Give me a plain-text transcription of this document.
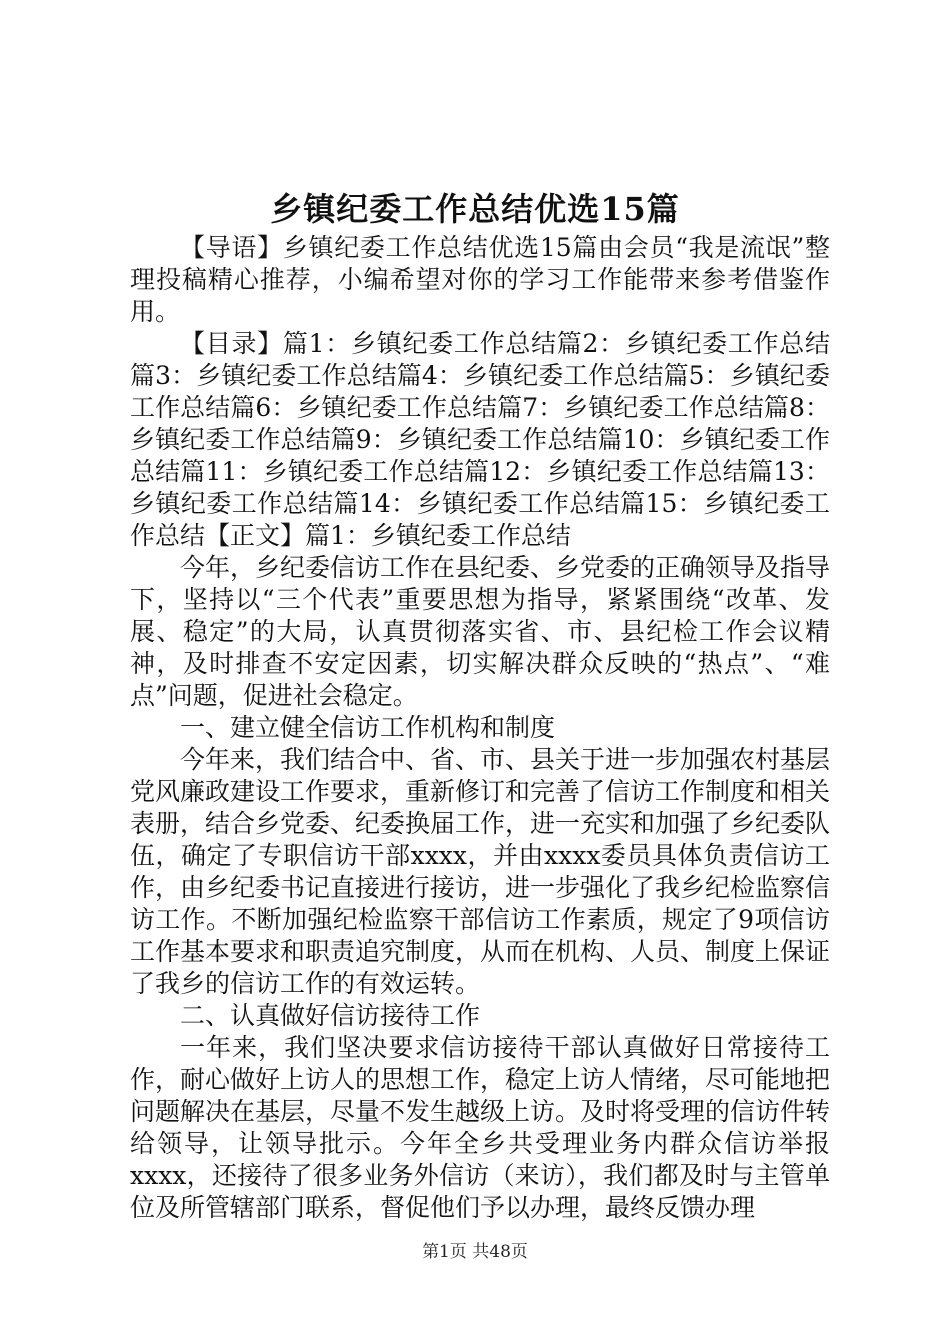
乡镇纪委工作总结优选15篇

【导语】乡镇纪委工作总结优选15篇由会员“我是流氓”整理投稿精心推荐，小编希望对你的学习工作能带来参考借鉴作用。

【目录】篇1：乡镇纪委工作总结篇2：乡镇纪委工作总结篇3：乡镇纪委工作总结篇4：乡镇纪委工作总结篇5：乡镇纪委工作总结篇6：乡镇纪委工作总结篇7：乡镇纪委工作总结篇8：乡镇纪委工作总结篇9：乡镇纪委工作总结篇10：乡镇纪委工作总结篇11：乡镇纪委工作总结篇12：乡镇纪委工作总结篇13：乡镇纪委工作总结篇14：乡镇纪委工作总结篇15：乡镇纪委工作总结【正文】篇1：乡镇纪委工作总结

今年，乡纪委信访工作在县纪委、乡党委的正确领导及指导下，坚持以“三个代表”重要思想为指导，紧紧围绕“改革、发展、稳定”的大局，认真贯彻落实省、市、县纪检工作会议精神，及时排查不安定因素，切实解决群众反映的“热点”、“难点”问题，促进社会稳定。

一、建立健全信访工作机构和制度

今年来，我们结合中、省、市、县关于进一步加强农村基层党风廉政建设工作要求，重新修订和完善了信访工作制度和相关表册，结合乡党委、纪委换届工作，进一充实和加强了乡纪委队伍，确定了专职信访干部xxxx，并由xxxx委员具体负责信访工作，由乡纪委书记直接进行接访，进一步强化了我乡纪检监察信访工作。不断加强纪检监察干部信访工作素质，规定了9项信访工作基本要求和职责追究制度，从而在机构、人员、制度上保证了我乡的信访工作的有效运转。

二、认真做好信访接待工作

一年来，我们坚决要求信访接待干部认真做好日常接待工作，耐心做好上访人的思想工作，稳定上访人情绪，尽可能地把问题解决在基层，尽量不发生越级上访。及时将受理的信访件转给领导，让领导批示。今年全乡共受理业务内群众信访举报xxxx，还接待了很多业务外信访（来访），我们都及时与主管单位及所管辖部门联系，督促他们予以办理，最终反馈办理

第1页 共48页
